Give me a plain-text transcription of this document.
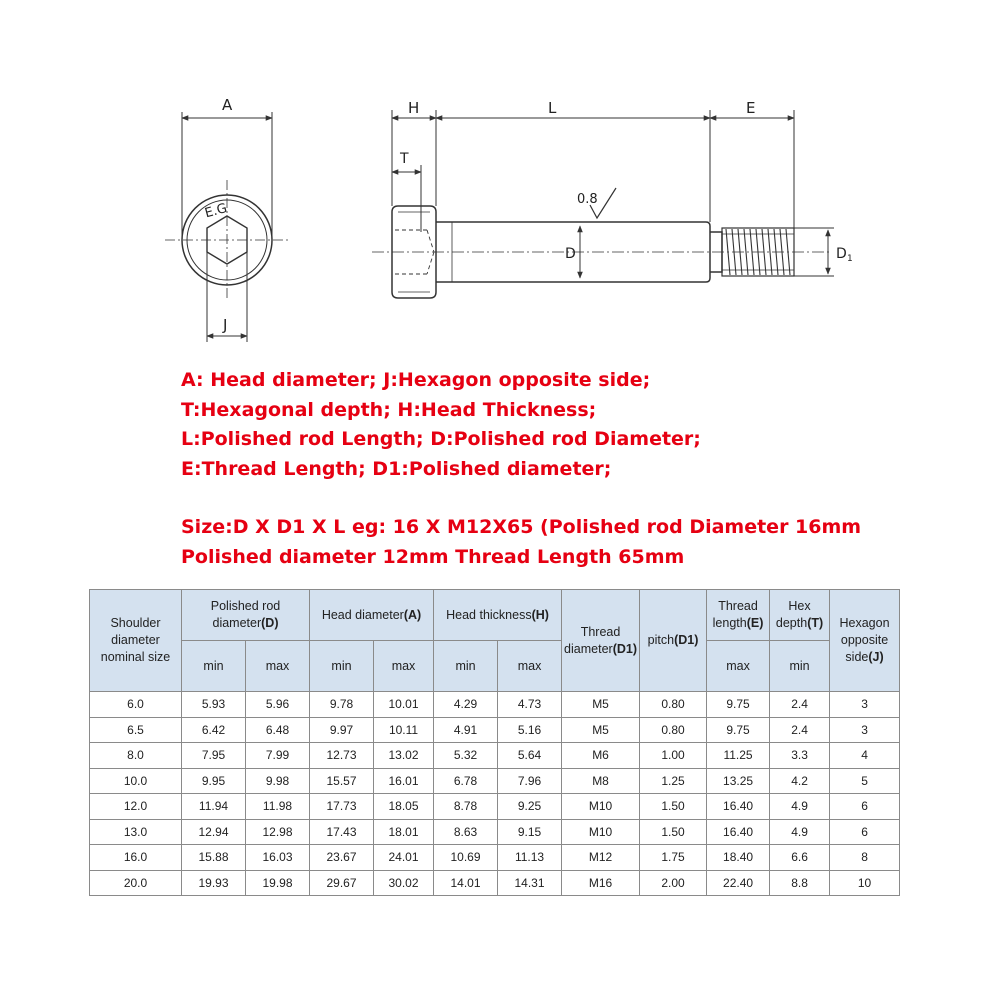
A
J
E.G
H	L	E
T
D	D 1
0.8
A: Head diameter; J:Hexagon opposite side;
T:Hexagonal depth; H:Head Thickness;
L:Polished rod Length; D:Polished rod Diameter;
E:Thread Length; D1:Polished diameter;
Size:D X D1 X L eg: 16 X M12X65 (Polished rod Diameter 16mm
Polished diameter 12mm Thread Length 65mm
Shoulder diameter nominal size	Polished rod diameter(D)		Head diameter(A)		Head thickness(H)		Thread diameter(D1)	pitch(D1)	Thread length(E)	Hex depth(T)	Hexagon opposite side(J)
	min	max	min	max	min	max			max	min	
6.0	5.93	5.96	9.78	10.01	4.29	4.73	M5	0.80	9.75	2.4	3
6.5	6.42	6.48	9.97	10.11	4.91	5.16	M5	0.80	9.75	2.4	3
8.0	7.95	7.99	12.73	13.02	5.32	5.64	M6	1.00	11.25	3.3	4
10.0	9.95	9.98	15.57	16.01	6.78	7.96	M8	1.25	13.25	4.2	5
12.0	11.94	11.98	17.73	18.05	8.78	9.25	M10	1.50	16.40	4.9	6
13.0	12.94	12.98	17.43	18.01	8.63	9.15	M10	1.50	16.40	4.9	6
16.0	15.88	16.03	23.67	24.01	10.69	11.13	M12	1.75	18.40	6.6	8
20.0	19.93	19.98	29.67	30.02	14.01	14.31	M16	2.00	22.40	8.8	10
